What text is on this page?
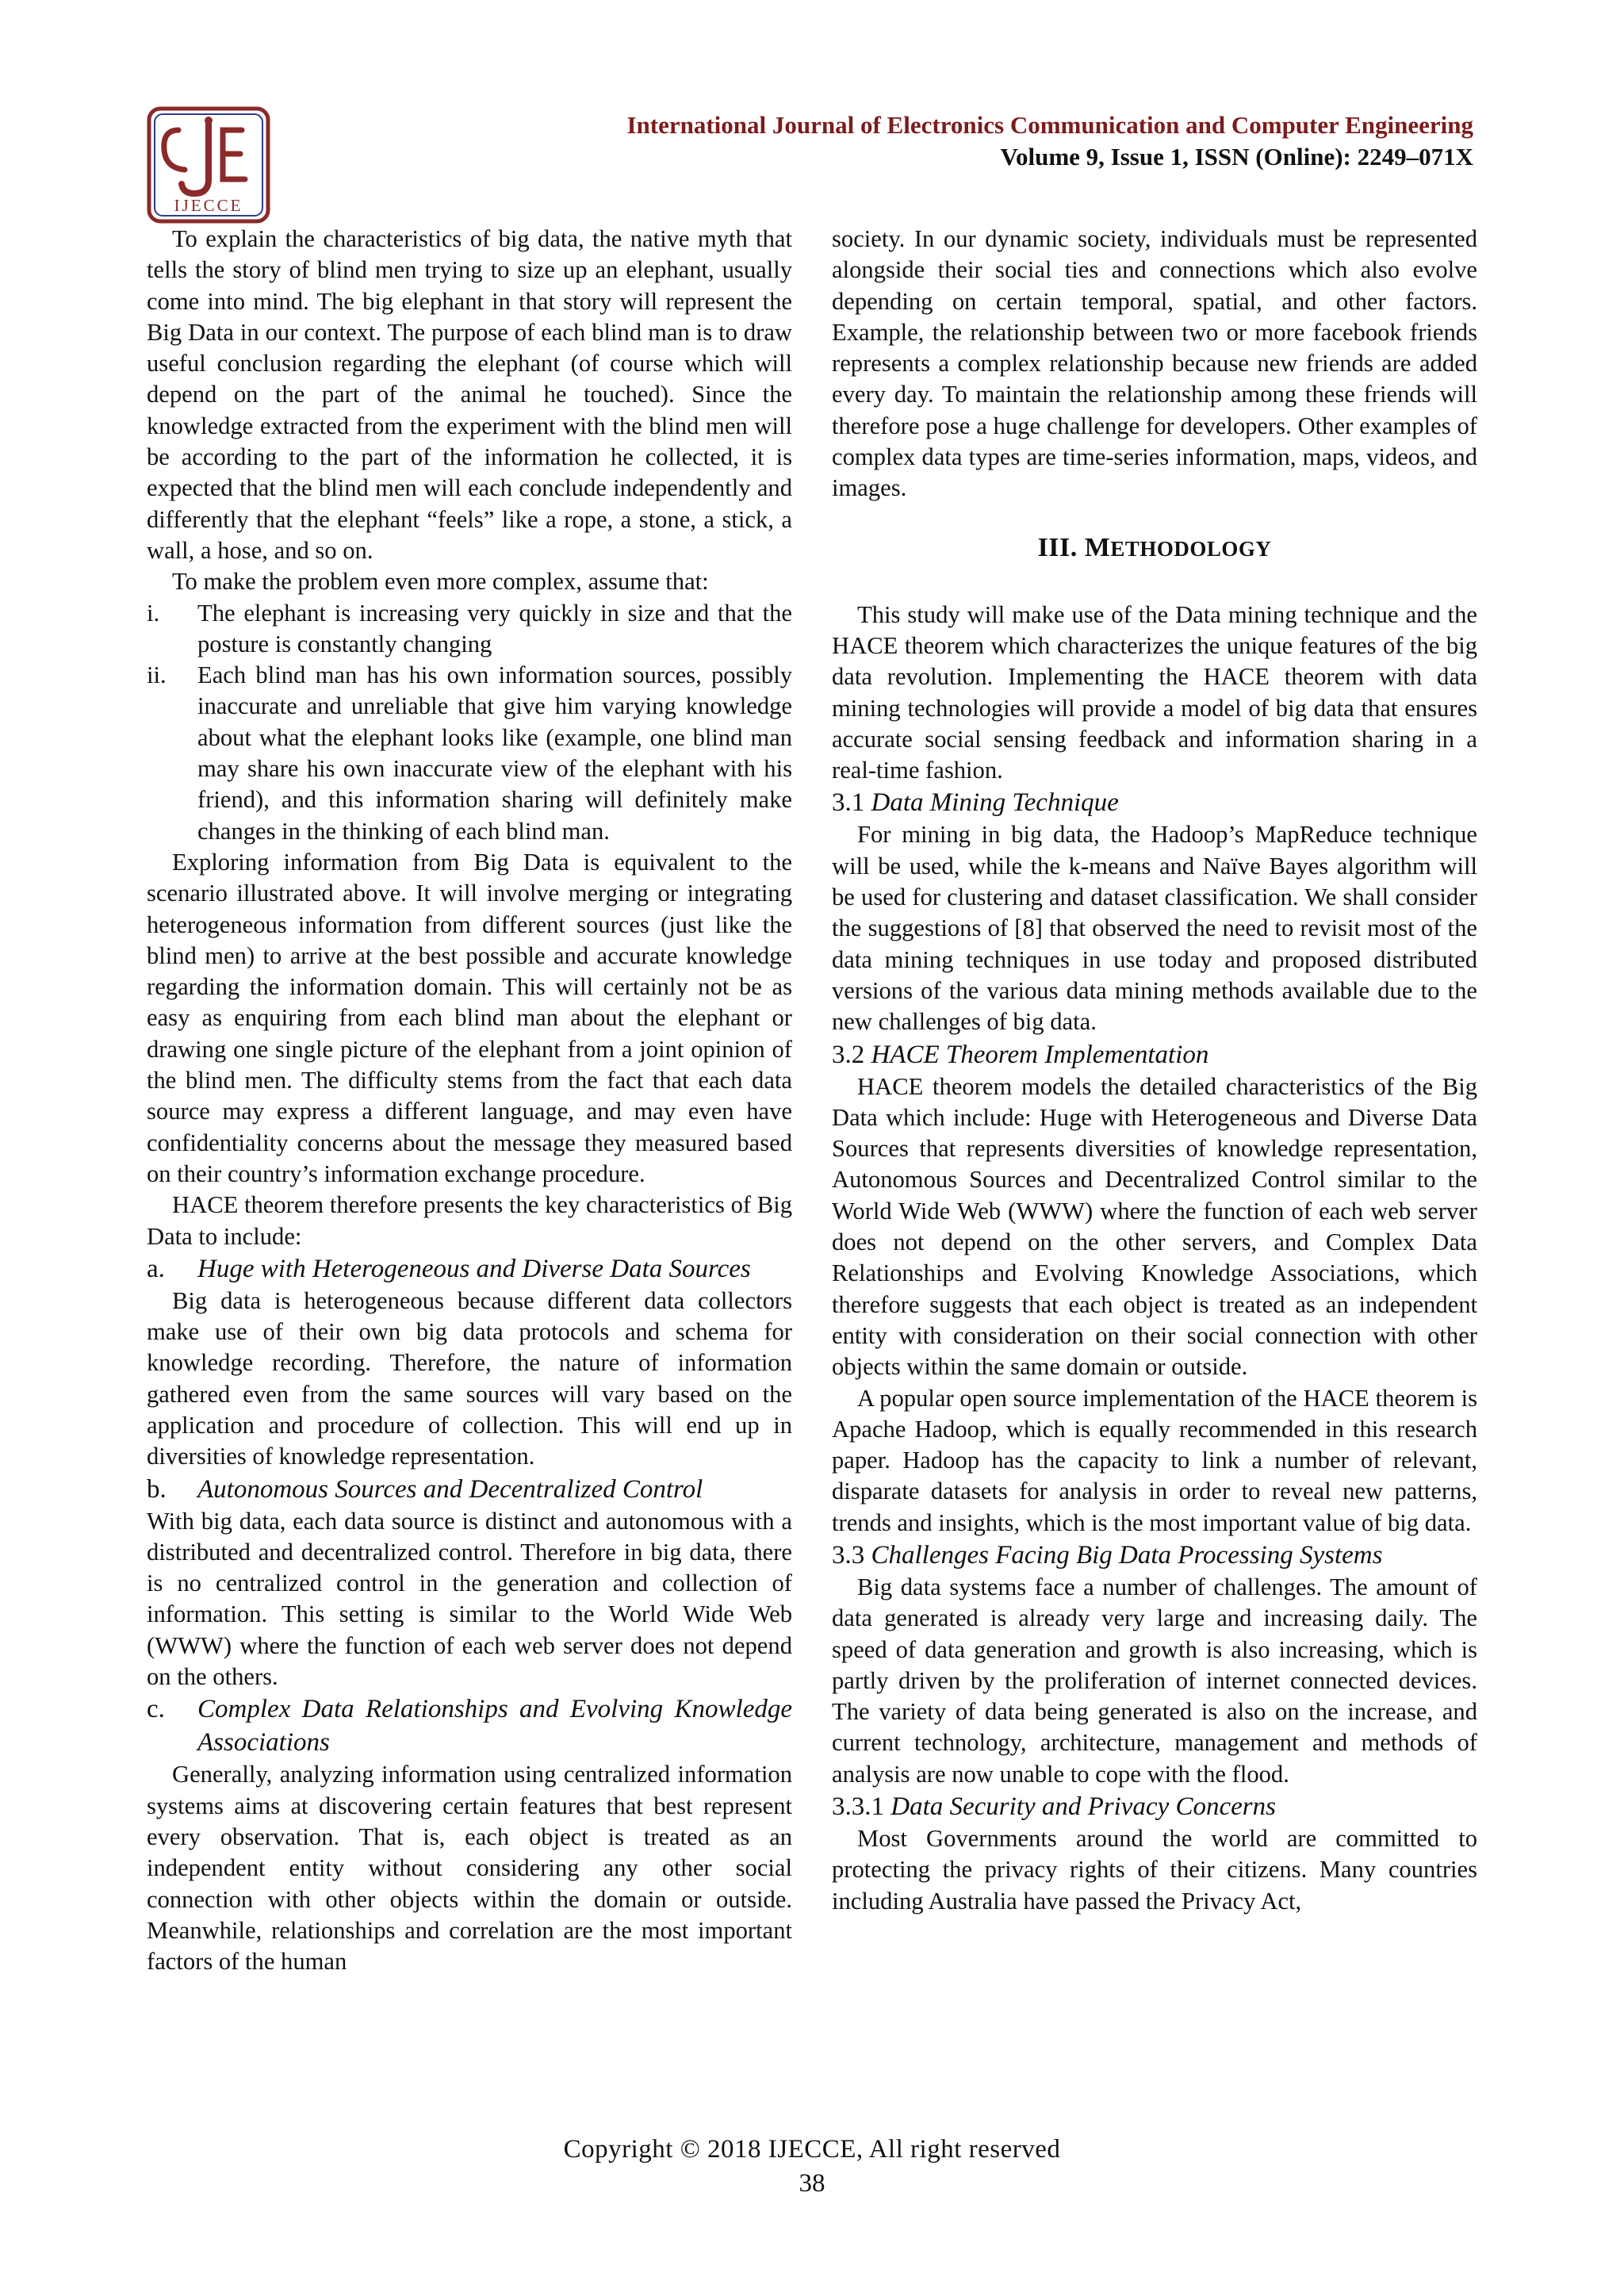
IJECCE
International Journal of Electronics Communication and Computer Engineering
Volume 9, Issue 1, ISSN (Online): 2249–071X

To explain the characteristics of big data, the native myth that tells the story of blind men trying to size up an elephant, usually come into mind. The big elephant in that story will represent the Big Data in our context. The purpose of each blind man is to draw useful conclusion regarding the elephant (of course which will depend on the part of the animal he touched). Since the knowledge extracted from the experiment with the blind men will be according to the part of the information he collected, it is expected that the blind men will each conclude independently and differently that the elephant “feels” like a rope, a stone, a stick, a wall, a hose, and so on.

To make the problem even more complex, assume that:

i.	The elephant is increasing very quickly in size and that the posture is constantly changing
ii.	Each blind man has his own information sources, possibly inaccurate and unreliable that give him varying knowledge about what the elephant looks like (example, one blind man may share his own inaccurate view of the elephant with his friend), and this information sharing will definitely make changes in the thinking of each blind man.

Exploring information from Big Data is equivalent to the scenario illustrated above. It will involve merging or integrating heterogeneous information from different sources (just like the blind men) to arrive at the best possible and accurate knowledge regarding the information domain. This will certainly not be as easy as enquiring from each blind man about the elephant or drawing one single picture of the elephant from a joint opinion of the blind men. The difficulty stems from the fact that each data source may express a different language, and may even have confidentiality concerns about the message they measured based on their country’s information exchange procedure.

HACE theorem therefore presents the key characteristics of Big Data to include:

a.	Huge with Heterogeneous and Diverse Data Sources

Big data is heterogeneous because different data collectors make use of their own big data protocols and schema for knowledge recording. Therefore, the nature of information gathered even from the same sources will vary based on the application and procedure of collection. This will end up in diversities of knowledge representation.

b.	Autonomous Sources and Decentralized Control

With big data, each data source is distinct and autonomous with a distributed and decentralized control. Therefore in big data, there is no centralized control in the generation and collection of information. This setting is similar to the World Wide Web (WWW) where the function of each web server does not depend on the others.

c.	Complex Data Relationships and Evolving Knowledge Associations

Generally, analyzing information using centralized information systems aims at discovering certain features that best represent every observation. That is, each object is treated as an independent entity without considering any other social connection with other objects within the domain or outside. Meanwhile, relationships and correlation are the most important factors of the human

society. In our dynamic society, individuals must be represented alongside their social ties and connections which also evolve depending on certain temporal, spatial, and other factors. Example, the relationship between two or more facebook friends represents a complex relationship because new friends are added every day. To maintain the relationship among these friends will therefore pose a huge challenge for developers. Other examples of complex data types are time-series information, maps, videos, and images.

III. METHODOLOGY

This study will make use of the Data mining technique and the HACE theorem which characterizes the unique features of the big data revolution. Implementing the HACE theorem with data mining technologies will provide a model of big data that ensures accurate social sensing feedback and information sharing in a real-time fashion.

3.1 Data Mining Technique

For mining in big data, the Hadoop’s MapReduce technique will be used, while the k-means and Naïve Bayes algorithm will be used for clustering and dataset classification. We shall consider the suggestions of [8] that observed the need to revisit most of the data mining techniques in use today and proposed distributed versions of the various data mining methods available due to the new challenges of big data.

3.2 HACE Theorem Implementation

HACE theorem models the detailed characteristics of the Big Data which include: Huge with Heterogeneous and Diverse Data Sources that represents diversities of knowledge representation, Autonomous Sources and Decentralized Control similar to the World Wide Web (WWW) where the function of each web server does not depend on the other servers, and Complex Data Relationships and Evolving Knowledge Associations, which therefore suggests that each object is treated as an independent entity with consideration on their social connection with other objects within the same domain or outside.

A popular open source implementation of the HACE theorem is Apache Hadoop, which is equally recommended in this research paper. Hadoop has the capacity to link a number of relevant, disparate datasets for analysis in order to reveal new patterns, trends and insights, which is the most important value of big data.

3.3 Challenges Facing Big Data Processing Systems

Big data systems face a number of challenges. The amount of data generated is already very large and increasing daily. The speed of data generation and growth is also increasing, which is partly driven by the proliferation of internet connected devices. The variety of data being generated is also on the increase, and current technology, architecture, management and methods of analysis are now unable to cope with the flood.

3.3.1 Data Security and Privacy Concerns

Most Governments around the world are committed to protecting the privacy rights of their citizens. Many countries including Australia have passed the Privacy Act,

Copyright © 2018 IJECCE, All right reserved
38
